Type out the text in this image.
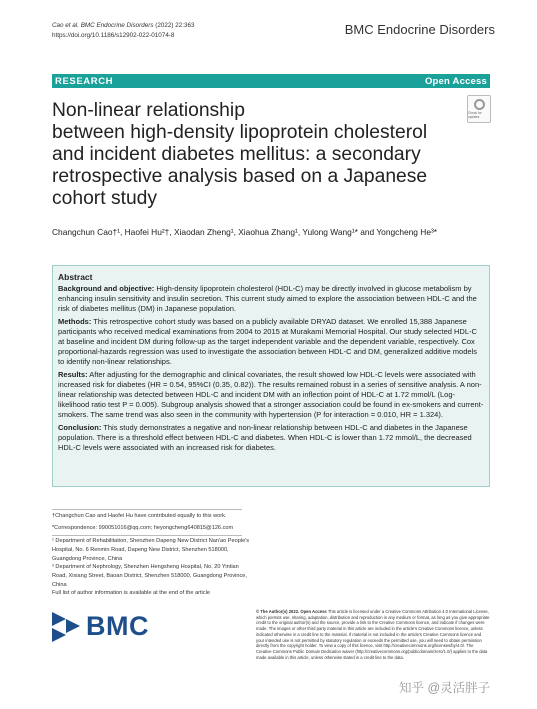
Cao et al. BMC Endocrine Disorders (2022) 22:363
https://doi.org/10.1186/s12902-022-01074-8	BMC Endocrine Disorders
RESEARCH	Open Access
Check for updates
Non-linear relationship
between high-density lipoprotein cholesterol
and incident diabetes mellitus: a secondary
retrospective analysis based on a Japanese
cohort study
Changchun Cao†¹, Haofei Hu²†, Xiaodan Zheng¹, Xiaohua Zhang¹, Yulong Wang¹* and Yongcheng He³*
Abstract

Background and objective: High-density lipoprotein cholesterol (HDL-C) may be directly involved in glucose metabolism by enhancing insulin sensitivity and insulin secretion. This current study aimed to explore the association between HDL-C and the risk of diabetes mellitus (DM) in Japanese population.

Methods: This retrospective cohort study was based on a publicly available DRYAD dataset. We enrolled 15,388 Japanese participants who received medical examinations from 2004 to 2015 at Murakami Memorial Hospital. Our study selected HDL-C at baseline and incident DM during follow-up as the target independent variable and the dependent variable, respectively. Cox proportional-hazards regression was used to investigate the association between HDL-C and DM, generalized additive models to identify non-linear relationships.

Results: After adjusting for the demographic and clinical covariates, the result showed low HDL-C levels were associated with increased risk for diabetes (HR = 0.54, 95%CI (0.35, 0.82)). The results remained robust in a series of sensitive analysis. A non-linear relationship was detected between HDL-C and incident DM with an inflection point of HDL-C at 1.72 mmol/L (Log-likelihood ratio test P = 0.005). Subgroup analysis showed that a stronger association could be found in ex-smokers and current-smokers. The same trend was also seen in the community with hypertension (P for interaction = 0.010, HR = 1.324).

Conclusion: This study demonstrates a negative and non-linear relationship between HDL-C and diabetes in the Japanese population. There is a threshold effect between HDL-C and diabetes. When HDL-C is lower than 1.72 mmol/L, the decreased HDL-C levels were associated with an increased risk for diabetes.

†Changchun Cao and Haofei Hu have contributed equally to this work.
*Correspondence: 990051016@qq.com; heyongcheng640815@126.com
¹ Department of Rehabilitation, Shenzhen Dapeng New District Nan'ao People's Hospital, No. 6 Renmin Road, Dapeng New District, Shenzhen 518000, Guangdong Province, China
³ Department of Nephrology, Shenzhen Hengsheng Hospital, No. 20 Yintian Road, Xixiang Street, Baoan District, Shenzhen 518000, Guangdong Province, China
Full list of author information is available at the end of the article
BMC	© The Author(s) 2022. Open Access This article is licensed under a Creative Commons Attribution 4.0 International License, which permits use, sharing, adaptation, distribution and reproduction in any medium or format, as long as you give appropriate credit to the original author(s) and the source, provide a link to the Creative Commons licence, and indicate if changes were made. The images or other third party material in this article are included in the article's Creative Commons licence, unless indicated otherwise in a credit line to the material. If material is not included in the article's Creative Commons licence and your intended use is not permitted by statutory regulation or exceeds the permitted use, you will need to obtain permission directly from the copyright holder. To view a copy of this licence, visit http://creativecommons.org/licenses/by/4.0/. The Creative Commons Public Domain Dedication waiver (http://creativecommons.org/publicdomain/zero/1.0/) applies to the data made available in this article, unless otherwise stated in a credit line to the data.
知乎 @灵活胖子
